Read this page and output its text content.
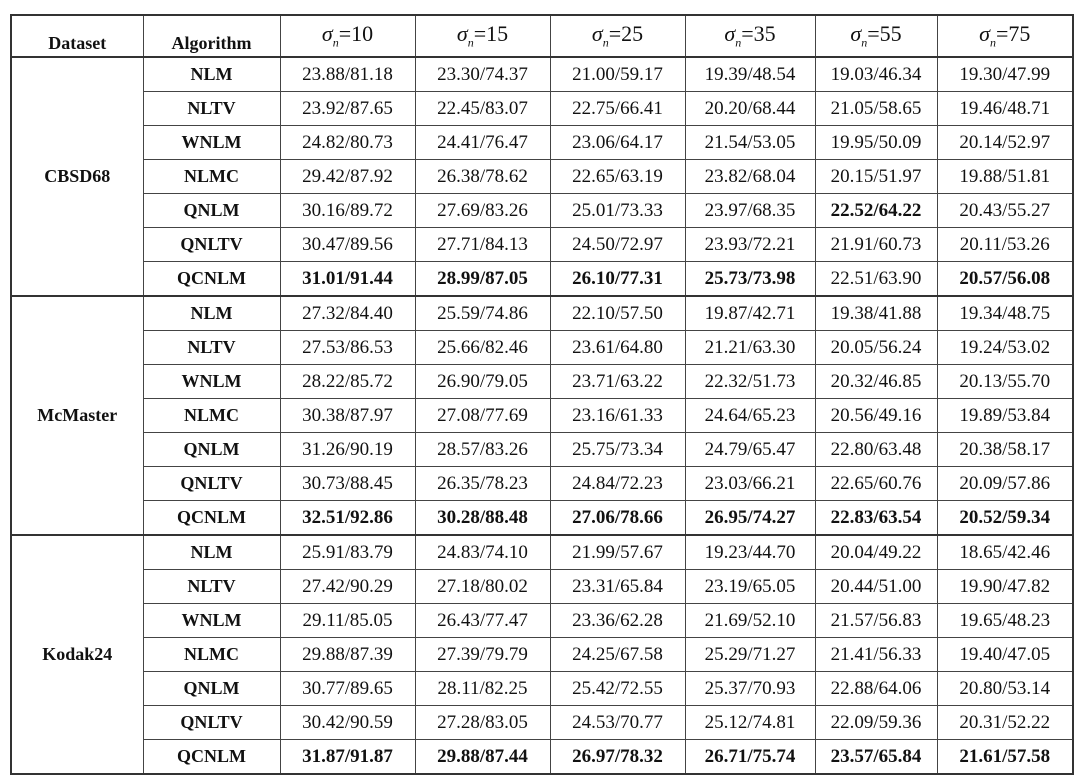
Dataset	Algorithm	$\sigma_n=10$	$\sigma_n=15$	$\sigma_n=25$	$\sigma_n=35$	$\sigma_n=55$	$\sigma_n=75$
CBSD68	NLM	23.88/81.18	23.30/74.37	21.00/59.17	19.39/48.54	19.03/46.34	19.30/47.99
	NLTV	23.92/87.65	22.45/83.07	22.75/66.41	20.20/68.44	21.05/58.65	19.46/48.71
	WNLM	24.82/80.73	24.41/76.47	23.06/64.17	21.54/53.05	19.95/50.09	20.14/52.97
	NLMC	29.42/87.92	26.38/78.62	22.65/63.19	23.82/68.04	20.15/51.97	19.88/51.81
	QNLM	30.16/89.72	27.69/83.26	25.01/73.33	23.97/68.35	22.52/64.22	20.43/55.27
	QNLTV	30.47/89.56	27.71/84.13	24.50/72.97	23.93/72.21	21.91/60.73	20.11/53.26
	QCNLM	31.01/91.44	28.99/87.05	26.10/77.31	25.73/73.98	22.51/63.90	20.57/56.08
McMaster	NLM	27.32/84.40	25.59/74.86	22.10/57.50	19.87/42.71	19.38/41.88	19.34/48.75
	NLTV	27.53/86.53	25.66/82.46	23.61/64.80	21.21/63.30	20.05/56.24	19.24/53.02
	WNLM	28.22/85.72	26.90/79.05	23.71/63.22	22.32/51.73	20.32/46.85	20.13/55.70
	NLMC	30.38/87.97	27.08/77.69	23.16/61.33	24.64/65.23	20.56/49.16	19.89/53.84
	QNLM	31.26/90.19	28.57/83.26	25.75/73.34	24.79/65.47	22.80/63.48	20.38/58.17
	QNLTV	30.73/88.45	26.35/78.23	24.84/72.23	23.03/66.21	22.65/60.76	20.09/57.86
	QCNLM	32.51/92.86	30.28/88.48	27.06/78.66	26.95/74.27	22.83/63.54	20.52/59.34
Kodak24	NLM	25.91/83.79	24.83/74.10	21.99/57.67	19.23/44.70	20.04/49.22	18.65/42.46
	NLTV	27.42/90.29	27.18/80.02	23.31/65.84	23.19/65.05	20.44/51.00	19.90/47.82
	WNLM	29.11/85.05	26.43/77.47	23.36/62.28	21.69/52.10	21.57/56.83	19.65/48.23
	NLMC	29.88/87.39	27.39/79.79	24.25/67.58	25.29/71.27	21.41/56.33	19.40/47.05
	QNLM	30.77/89.65	28.11/82.25	25.42/72.55	25.37/70.93	22.88/64.06	20.80/53.14
	QNLTV	30.42/90.59	27.28/83.05	24.53/70.77	25.12/74.81	22.09/59.36	20.31/52.22
	QCNLM	31.87/91.87	29.88/87.44	26.97/78.32	26.71/75.74	23.57/65.84	21.61/57.58
